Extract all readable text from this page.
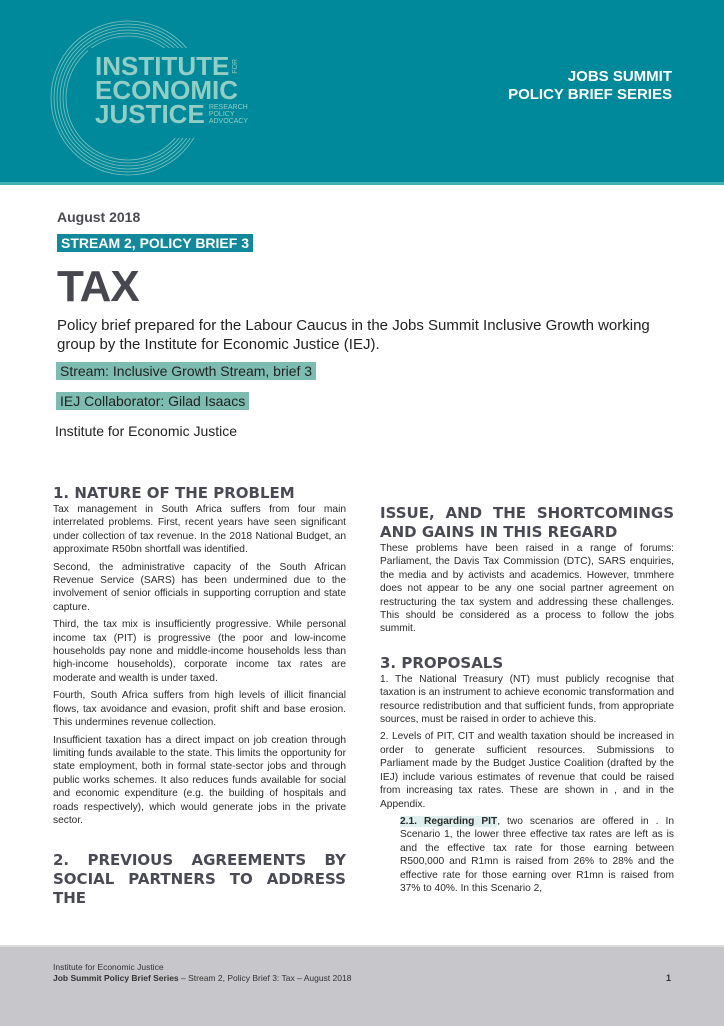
INSTITUTE FOR
ECONOMIC
JUSTICE RESEARCH
POLICY
ADVOCACY
JOBS SUMMIT
POLICY BRIEF SERIES
August 2018
STREAM 2, POLICY BRIEF 3
TAX
Policy brief prepared for the Labour Caucus in the Jobs Summit Inclusive Growth working group by the Institute for Economic Justice (IEJ).
Stream: Inclusive Growth Stream, brief 3
IEJ Collaborator: Gilad Isaacs
Institute for Economic Justice
1. NATURE OF THE PROBLEM

Tax management in South Africa suffers from four main interrelated problems. First, recent years have seen significant under collection of tax revenue. In the 2018 National Budget, an approximate R50bn shortfall was identified.

Second, the administrative capacity of the South African Revenue Service (SARS) has been undermined due to the involvement of senior officials in supporting corruption and state capture.

Third, the tax mix is insufficiently progressive. While personal income tax (PIT) is progressive (the poor and low-income households pay none and middle-income households less than high-income households), corporate income tax rates are moderate and wealth is under taxed.

Fourth, South Africa suffers from high levels of illicit financial flows, tax avoidance and evasion, profit shift and base erosion. This undermines revenue collection.

Insufficient taxation has a direct impact on job creation through limiting funds available to the state. This limits the opportunity for state employment, both in formal state-sector jobs and through public works schemes. It also reduces funds available for social and economic expenditure (e.g. the building of hospitals and roads respectively), which would generate jobs in the private sector.

2. PREVIOUS AGREEMENTS BY SOCIAL PARTNERS TO ADDRESS THE
ISSUE, AND THE SHORTCOMINGS AND GAINS IN THIS REGARD

These problems have been raised in a range of forums: Parliament, the Davis Tax Commission (DTC), SARS enquiries, the media and by activists and academics. However, tmmhere does not appear to be any one social partner agreement on restructuring the tax system and addressing these challenges. This should be considered as a process to follow the jobs summit.

3. PROPOSALS

1. The National Treasury (NT) must publicly recognise that taxation is an instrument to achieve economic transformation and resource redistribution and that sufficient funds, from appropriate sources, must be raised in order to achieve this.

2. Levels of PIT, CIT and wealth taxation should be increased in order to generate sufficient resources. Submissions to Parliament made by the Budget Justice Coalition (drafted by the IEJ) include various estimates of revenue that could be raised from increasing tax rates. These are shown in , and in the Appendix.

2.1. Regarding PIT, two scenarios are offered in . In Scenario 1, the lower three effective tax rates are left as is and the effective tax rate for those earning between R500,000 and R1mn is raised from 26% to 28% and the effective rate for those earning over R1mn is raised from 37% to 40%. In this Scenario 2,

Institute for Economic Justice
Job Summit Policy Brief Series – Stream 2, Policy Brief 3: Tax – August 2018	1
